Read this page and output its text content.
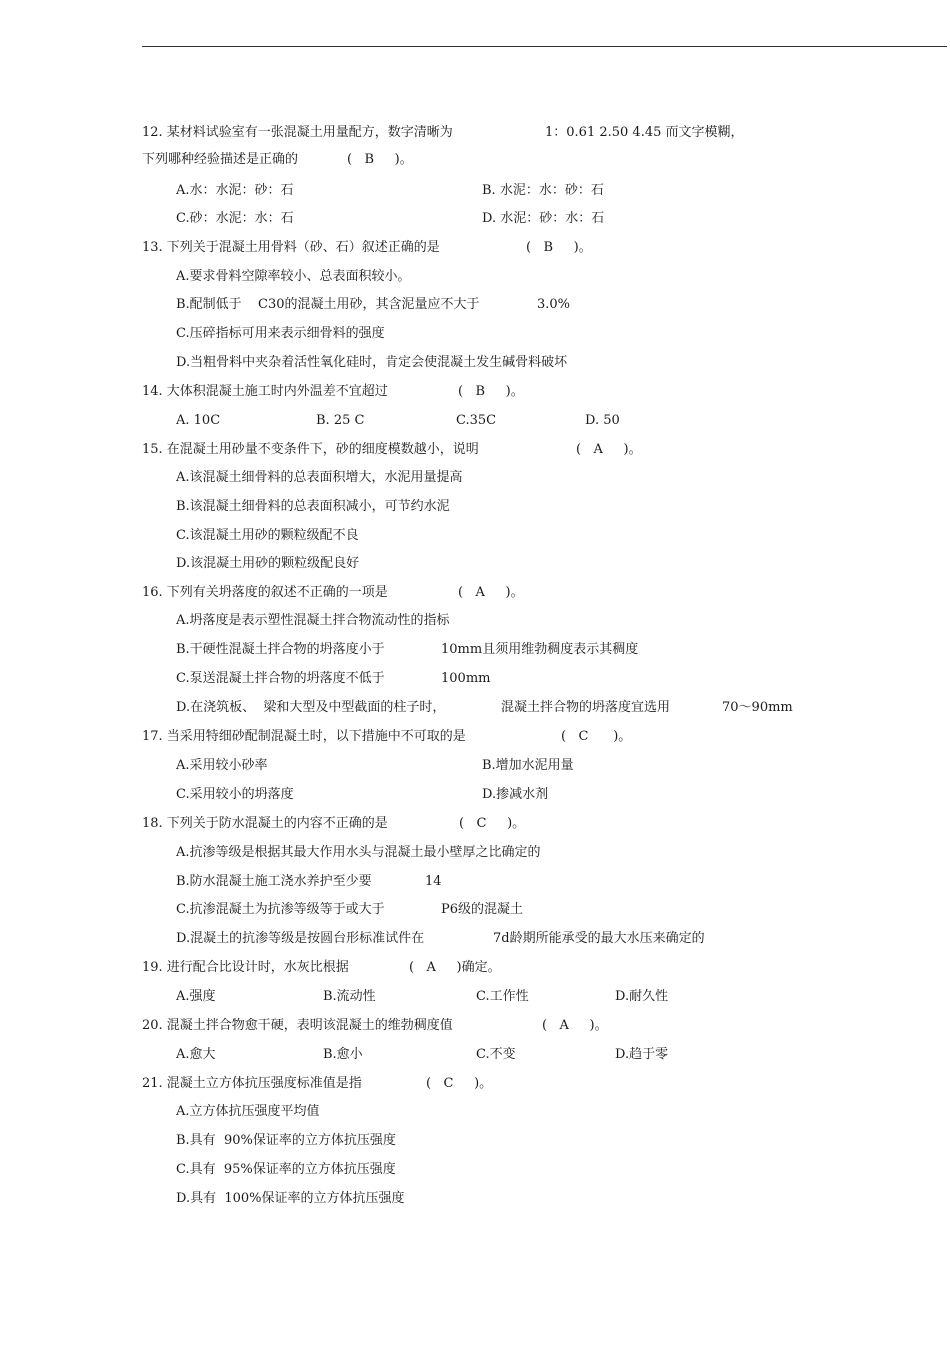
12. 某材料试验室有一张混凝土用量配方，数字清晰为	1：0.61 2.50 4.45 而文字模糊，
下列哪种经验描述是正确的	(   B     )。
A.水：水泥：砂：石	B. 水泥：水：砂：石
C.砂：水泥：水：石	D. 水泥：砂：水：石
13. 下列关于混凝土用骨料（砂、石）叙述正确的是	(   B     )。
A.要求骨料空隙率较小、总表面积较小。
B.配制低于 C30的混凝土用砂，其含泥量应不大于	3.0%
C.压碎指标可用来表示细骨料的强度
D.当粗骨料中夹杂着活性氧化硅时，肯定会使混凝土发生碱骨料破坏
14. 大体积混凝土施工时内外温差不宜超过	(   B     )。
A. 10C	B. 25 C	C.35C	D. 50
15. 在混凝土用砂量不变条件下，砂的细度模数越小，说明	(   A     )。
A.该混凝土细骨料的总表面积增大，水泥用量提高
B.该混凝土细骨料的总表面积减小，可节约水泥
C.该混凝土用砂的颗粒级配不良
D.该混凝土用砂的颗粒级配良好
16. 下列有关坍落度的叙述不正确的一项是	(   A     )。
A.坍落度是表示塑性混凝土拌合物流动性的指标
B.干硬性混凝土拌合物的坍落度小于	10mm且须用维勃稠度表示其稠度
C.泵送混凝土拌合物的坍落度不低于	100mm
D.在浇筑板、  梁和大型及中型截面的柱子时，	混凝土拌合物的坍落度宜选用	70～90mm
17. 当采用特细砂配制混凝土时，以下措施中不可取的是	(   C      )。
A.采用较小砂率	B.增加水泥用量
C.采用较小的坍落度	D.掺减水剂
18. 下列关于防水混凝土的内容不正确的是	(   C     )。
A.抗渗等级是根据其最大作用水头与混凝土最小壁厚之比确定的
B.防水混凝土施工浇水养护至少要	14
C.抗渗混凝土为抗渗等级等于或大于	P6级的混凝土
D.混凝土的抗渗等级是按圆台形标准试件在	7d龄期所能承受的最大水压来确定的
19. 进行配合比设计时，水灰比根据	(   A     )确定。
A.强度	B.流动性	C.工作性	D.耐久性
20. 混凝土拌合物愈干硬，表明该混凝土的维勃稠度值	(   A     )。
A.愈大	B.愈小	C.不变	D.趋于零
21. 混凝土立方体抗压强度标准值是指	(   C     )。
A.立方体抗压强度平均值
B.具有  90%保证率的立方体抗压强度
C.具有  95%保证率的立方体抗压强度
D.具有  100%保证率的立方体抗压强度
